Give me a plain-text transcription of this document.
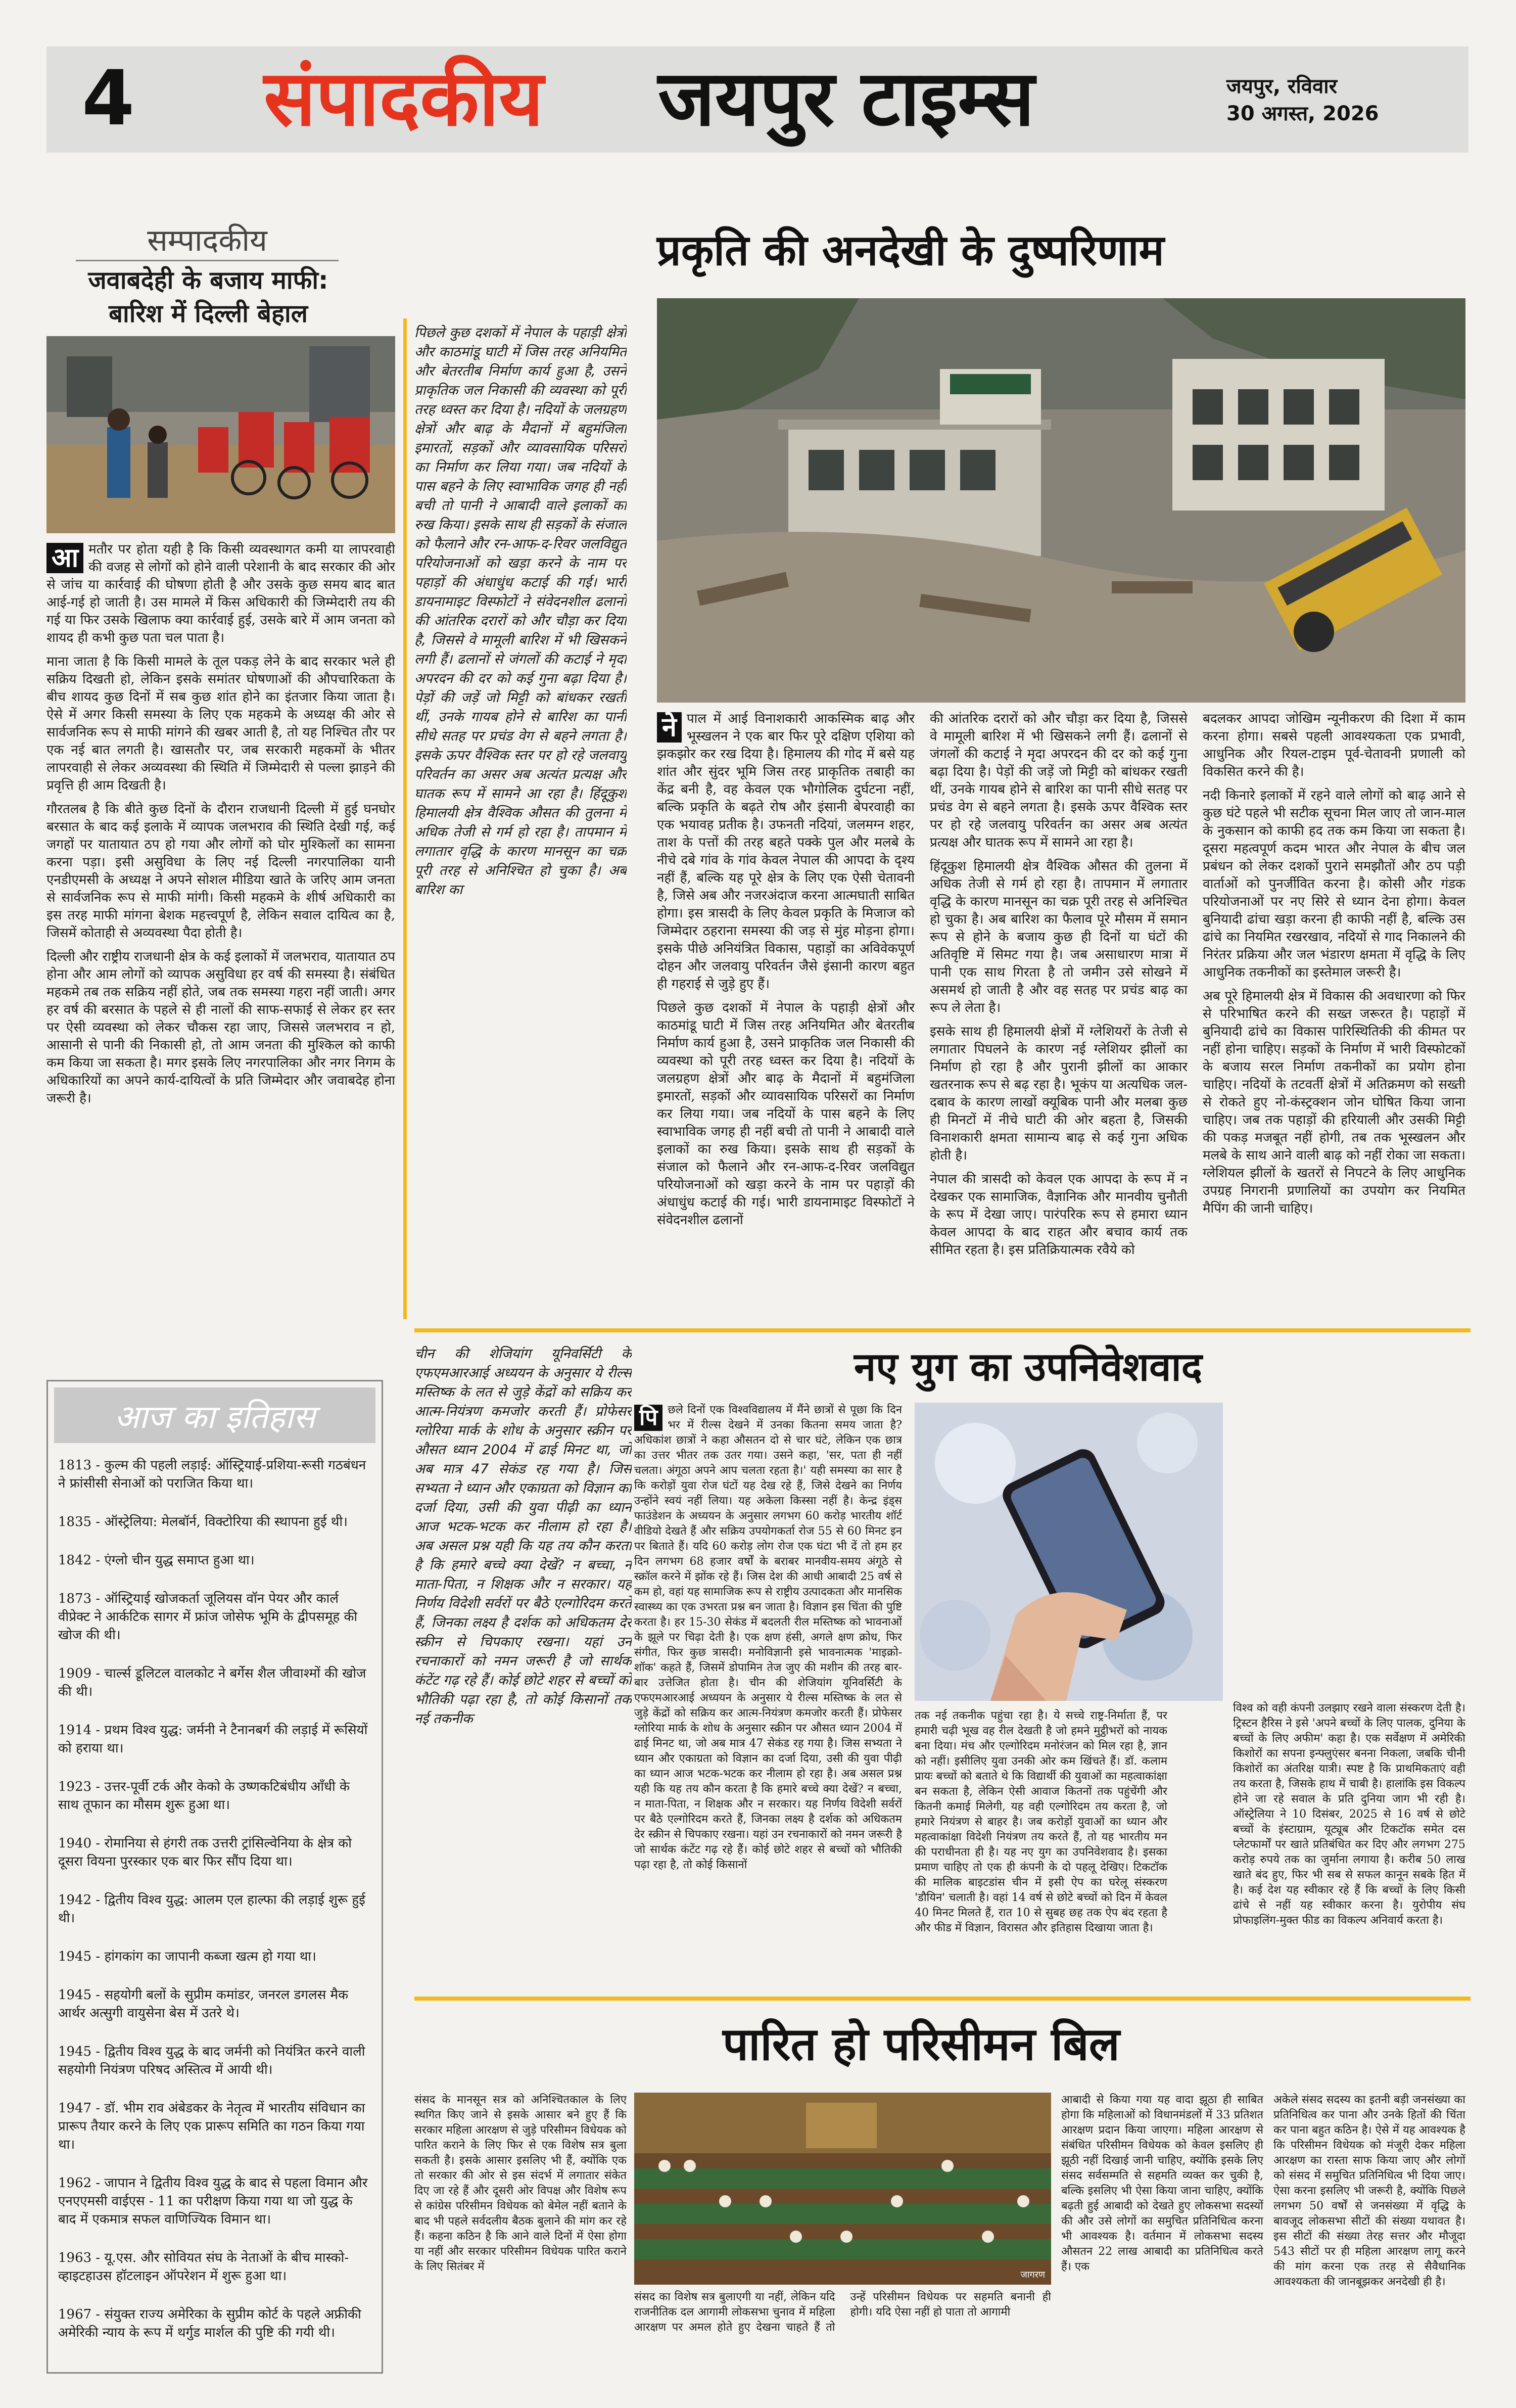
4 संपादकीय जयपुर टाइम्स	जयपुर, रविवार
30 अगस्त, 2026
सम्पादकीय
जवाबदेही के बजाय माफी:
बारिश में दिल्ली बेहाल

आ मतौर पर होता यही है कि किसी व्यवस्थागत कमी या लापरवाही की वजह से लोगों को होने वाली परेशानी के बाद सरकार की ओर से जांच या कार्रवाई की घोषणा होती है और उसके कुछ समय बाद बात आई-गई हो जाती है। उस मामले में किस अधिकारी की जिम्मेदारी तय की गई या फिर उसके खिलाफ क्या कार्रवाई हुई, उसके बारे में आम जनता को शायद ही कभी कुछ पता चल पाता है।

माना जाता है कि किसी मामले के तूल पकड़ लेने के बाद सरकार भले ही सक्रिय दिखती हो, लेकिन इसके समांतर घोषणाओं की औपचारिकता के बीच शायद कुछ दिनों में सब कुछ शांत होने का इंतजार किया जाता है। ऐसे में अगर किसी समस्या के लिए एक महकमे के अध्यक्ष की ओर से सार्वजनिक रूप से माफी मांगने की खबर आती है, तो यह निश्चित तौर पर एक नई बात लगती है। खासतौर पर, जब सरकारी महकमों के भीतर लापरवाही से लेकर अव्यवस्था की स्थिति में जिम्मेदारी से पल्ला झाड़ने की प्रवृत्ति ही आम दिखती है।

गौरतलब है कि बीते कुछ दिनों के दौरान राजधानी दिल्ली में हुई घनघोर बरसात के बाद कई इलाके में व्यापक जलभराव की स्थिति देखी गई, कई जगहों पर यातायात ठप हो गया और लोगों को घोर मुश्किलों का सामना करना पड़ा। इसी असुविधा के लिए नई दिल्ली नगरपालिका यानी एनडीएमसी के अध्यक्ष ने अपने सोशल मीडिया खाते के जरिए आम जनता से सार्वजनिक रूप से माफी मांगी। किसी महकमे के शीर्ष अधिकारी का इस तरह माफी मांगना बेशक महत्त्वपूर्ण है, लेकिन सवाल दायित्व का है, जिसमें कोताही से अव्यवस्था पैदा होती है।

दिल्ली और राष्ट्रीय राजधानी क्षेत्र के कई इलाकों में जलभराव, यातायात ठप होना और आम लोगों को व्यापक असुविधा हर वर्ष की समस्या है। संबंधित महकमे तब तक सक्रिय नहीं होते, जब तक समस्या गहरा नहीं जाती। अगर हर वर्ष की बरसात के पहले से ही नालों की साफ-सफाई से लेकर हर स्तर पर ऐसी व्यवस्था को लेकर चौकस रहा जाए, जिससे जलभराव न हो, आसानी से पानी की निकासी हो, तो आम जनता की मुश्किल को काफी कम किया जा सकता है। मगर इसके लिए नगरपालिका और नगर निगम के अधिकारियों का अपने कार्य-दायित्वों के प्रति जिम्मेदार और जवाबदेह होना जरूरी है।

पिछले कुछ दशकों में नेपाल के पहाड़ी क्षेत्रों और काठमांडू घाटी में जिस तरह अनियमित और बेतरतीब निर्माण कार्य हुआ है, उसने प्राकृतिक जल निकासी की व्यवस्था को पूरी तरह ध्वस्त कर दिया है। नदियों के जलग्रहण क्षेत्रों और बाढ़ के मैदानों में बहुमंजिला इमारतों, सड़कों और व्यावसायिक परिसरों का निर्माण कर लिया गया। जब नदियों के पास बहने के लिए स्वाभाविक जगह ही नहीं बची तो पानी ने आबादी वाले इलाकों का रुख किया। इसके साथ ही सड़कों के संजाल को फैलाने और रन-आफ-द-रिवर जलविद्युत परियोजनाओं को खड़ा करने के नाम पर पहाड़ों की अंधाधुंध कटाई की गई। भारी डायनामाइट विस्फोटों ने संवेदनशील ढलानों की आंतरिक दरारों को और चौड़ा कर दिया है, जिससे वे मामूली बारिश में भी खिसकने लगी हैं। ढलानों से जंगलों की कटाई ने मृदा अपरदन की दर को कई गुना बढ़ा दिया है। पेड़ों की जड़ें जो मिट्टी को बांधकर रखती थीं, उनके गायब होने से बारिश का पानी सीधे सतह पर प्रचंड वेग से बहने लगता है। इसके ऊपर वैश्विक स्तर पर हो रहे जलवायु परिवर्तन का असर अब अत्यंत प्रत्यक्ष और घातक रूप में सामने आ रहा है। हिंदूकुश हिमालयी क्षेत्र वैश्विक औसत की तुलना में अधिक तेजी से गर्म हो रहा है। तापमान में लगातार वृद्धि के कारण मानसून का चक्र पूरी तरह से अनिश्चित हो चुका है। अब बारिश का
प्रकृति की अनदेखी के दुष्परिणाम

ने पाल में आई विनाशकारी आकस्मिक बाढ़ और भूस्खलन ने एक बार फिर पूरे दक्षिण एशिया को झकझोर कर रख दिया है। हिमालय की गोद में बसे यह शांत और सुंदर भूमि जिस तरह प्राकृतिक तबाही का केंद्र बनी है, वह केवल एक भौगोलिक दुर्घटना नहीं, बल्कि प्रकृति के बढ़ते रोष और इंसानी बेपरवाही का एक भयावह प्रतीक है। उफनती नदियां, जलमग्न शहर, ताश के पत्तों की तरह बहते पक्के पुल और मलबे के नीचे दबे गांव के गांव केवल नेपाल की आपदा के दृश्य नहीं हैं, बल्कि यह पूरे क्षेत्र के लिए एक ऐसी चेतावनी है, जिसे अब और नजरअंदाज करना आत्मघाती साबित होगा। इस त्रासदी के लिए केवल प्रकृति के मिजाज को जिम्मेदार ठहराना समस्या की जड़ से मुंह मोड़ना होगा। इसके पीछे अनियंत्रित विकास, पहाड़ों का अविवेकपूर्ण दोहन और जलवायु परिवर्तन जैसे इंसानी कारण बहुत ही गहराई से जुड़े हुए हैं।

पिछले कुछ दशकों में नेपाल के पहाड़ी क्षेत्रों और काठमांडू घाटी में जिस तरह अनियमित और बेतरतीब निर्माण कार्य हुआ है, उसने प्राकृतिक जल निकासी की व्यवस्था को पूरी तरह ध्वस्त कर दिया है। नदियों के जलग्रहण क्षेत्रों और बाढ़ के मैदानों में बहुमंजिला इमारतों, सड़कों और व्यावसायिक परिसरों का निर्माण कर लिया गया। जब नदियों के पास बहने के लिए स्वाभाविक जगह ही नहीं बची तो पानी ने आबादी वाले इलाकों का रुख किया। इसके साथ ही सड़कों के संजाल को फैलाने और रन-आफ-द-रिवर जलविद्युत परियोजनाओं को खड़ा करने के नाम पर पहाड़ों की अंधाधुंध कटाई की गई। भारी डायनामाइट विस्फोटों ने संवेदनशील ढलानों

की आंतरिक दरारों को और चौड़ा कर दिया है, जिससे वे मामूली बारिश में भी खिसकने लगी हैं। ढलानों से जंगलों की कटाई ने मृदा अपरदन की दर को कई गुना बढ़ा दिया है। पेड़ों की जड़ें जो मिट्टी को बांधकर रखती थीं, उनके गायब होने से बारिश का पानी सीधे सतह पर प्रचंड वेग से बहने लगता है। इसके ऊपर वैश्विक स्तर पर हो रहे जलवायु परिवर्तन का असर अब अत्यंत प्रत्यक्ष और घातक रूप में सामने आ रहा है।

हिंदूकुश हिमालयी क्षेत्र वैश्विक औसत की तुलना में अधिक तेजी से गर्म हो रहा है। तापमान में लगातार वृद्धि के कारण मानसून का चक्र पूरी तरह से अनिश्चित हो चुका है। अब बारिश का फैलाव पूरे मौसम में समान रूप से होने के बजाय कुछ ही दिनों या घंटों की अतिवृष्टि में सिमट गया है। जब असाधारण मात्रा में पानी एक साथ गिरता है तो जमीन उसे सोखने में असमर्थ हो जाती है और वह सतह पर प्रचंड बाढ़ का रूप ले लेता है।

इसके साथ ही हिमालयी क्षेत्रों में ग्लेशियरों के तेजी से लगातार पिघलने के कारण नई ग्लेशियर झीलों का निर्माण हो रहा है और पुरानी झीलों का आकार खतरनाक रूप से बढ़ रहा है। भूकंप या अत्यधिक जल-दबाव के कारण लाखों क्यूबिक पानी और मलबा कुछ ही मिनटों में नीचे घाटी की ओर बहता है, जिसकी विनाशकारी क्षमता सामान्य बाढ़ से कई गुना अधिक होती है।

नेपाल की त्रासदी को केवल एक आपदा के रूप में न देखकर एक सामाजिक, वैज्ञानिक और मानवीय चुनौती के रूप में देखा जाए। पारंपरिक रूप से हमारा ध्यान केवल आपदा के बाद राहत और बचाव कार्य तक सीमित रहता है। इस प्रतिक्रियात्मक रवैये को

बदलकर आपदा जोखिम न्यूनीकरण की दिशा में काम करना होगा। सबसे पहली आवश्यकता एक प्रभावी, आधुनिक और रियल-टाइम पूर्व-चेतावनी प्रणाली को विकसित करने की है।

नदी किनारे इलाकों में रहने वाले लोगों को बाढ़ आने से कुछ घंटे पहले भी सटीक सूचना मिल जाए तो जान-माल के नुकसान को काफी हद तक कम किया जा सकता है। दूसरा महत्वपूर्ण कदम भारत और नेपाल के बीच जल प्रबंधन को लेकर दशकों पुराने समझौतों और ठप पड़ी वार्ताओं को पुनर्जीवित करना है। कोसी और गंडक परियोजनाओं पर नए सिरे से ध्यान देना होगा। केवल बुनियादी ढांचा खड़ा करना ही काफी नहीं है, बल्कि उस ढांचे का नियमित रखरखाव, नदियों से गाद निकालने की निरंतर प्रक्रिया और जल भंडारण क्षमता में वृद्धि के लिए आधुनिक तकनीकों का इस्तेमाल जरूरी है।

अब पूरे हिमालयी क्षेत्र में विकास की अवधारणा को फिर से परिभाषित करने की सख्त जरूरत है। पहाड़ों में बुनियादी ढांचे का विकास पारिस्थितिकी की कीमत पर नहीं होना चाहिए। सड़कों के निर्माण में भारी विस्फोटकों के बजाय सरल निर्माण तकनीकों का प्रयोग होना चाहिए। नदियों के तटवर्ती क्षेत्रों में अतिक्रमण को सख्ती से रोकते हुए नो-कंस्ट्रक्शन जोन घोषित किया जाना चाहिए। जब तक पहाड़ों की हरियाली और उसकी मिट्टी की पकड़ मजबूत नहीं होगी, तब तक भूस्खलन और मलबे के साथ आने वाली बाढ़ को नहीं रोका जा सकता। ग्लेशियल झीलों के खतरों से निपटने के लिए आधुनिक उपग्रह निगरानी प्रणालियों का उपयोग कर नियमित मैपिंग की जानी चाहिए।

आज का इतिहास
1813 - कुल्म की पहली लड़ाई: ऑस्ट्रियाई-प्रशिया-रूसी गठबंधन ने फ्रांसीसी सेनाओं को पराजित किया था।
1835 - ऑस्ट्रेलिया: मेलबॉर्न, विक्टोरिया की स्थापना हुई थी।
1842 - एंग्लो चीन युद्ध समाप्त हुआ था।
1873 - ऑस्ट्रियाई खोजकर्ता जूलियस वॉन पेयर और कार्ल वीप्रेक्ट ने आर्कटिक सागर में फ्रांज जोसेफ भूमि के द्वीपसमूह की खोज की थी।
1909 - चार्ल्स डूलिटल वालकोट ने बर्गेस शैल जीवाश्मों की खोज की थी।
1914 - प्रथम विश्व युद्ध: जर्मनी ने टैनानबर्ग की लड़ाई में रूसियों को हराया था।
1923 - उत्तर-पूर्वी टर्क और केको के उष्णकटिबंधीय आँधी के साथ तूफान का मौसम शुरू हुआ था।
1940 - रोमानिया से हंगरी तक उत्तरी ट्रांसिल्वेनिया के क्षेत्र को दूसरा वियना पुरस्कार एक बार फिर सौंप दिया था।
1942 - द्वितीय विश्व युद्ध: आलम एल हाल्फा की लड़ाई शुरू हुई थी।
1945 - हांगकांग का जापानी कब्जा खत्म हो गया था।
1945 - सहयोगी बलों के सुप्रीम कमांडर, जनरल डगलस मैक आर्थर अत्सुगी वायुसेना बेस में उतरे थे।
1945 - द्वितीय विश्व युद्ध के बाद जर्मनी को नियंत्रित करने वाली सहयोगी नियंत्रण परिषद अस्तित्व में आयी थी।
1947 - डॉ. भीम राव अंबेडकर के नेतृत्व में भारतीय संविधान का प्रारूप तैयार करने के लिए एक प्रारूप समिति का गठन किया गया था।
1962 - जापान ने द्वितीय विश्व युद्ध के बाद से पहला विमान और एनएएमसी वाईएस - 11 का परीक्षण किया गया था जो युद्ध के बाद में एकमात्र सफल वाणिज्यिक विमान था।
1963 - यू.एस. और सोवियत संघ के नेताओं के बीच मास्को-व्हाइटहाउस हॉटलाइन ऑपरेशन में शुरू हुआ था।
1967 - संयुक्त राज्य अमेरिका के सुप्रीम कोर्ट के पहले अफ्रीकी अमेरिकी न्याय के रूप में थर्गुड मार्शल की पुष्टि की गयी थी।
चीन की शेजियांग यूनिवर्सिटी के एफएमआरआई अध्ययन के अनुसार ये रील्स मस्तिष्क के लत से जुड़े केंद्रों को सक्रिय कर आत्म-नियंत्रण कमजोर करती हैं। प्रोफेसर ग्लोरिया मार्क के शोध के अनुसार स्क्रीन पर औसत ध्यान 2004 में ढाई मिनट था, जो अब मात्र 47 सेकंड रह गया है। जिस सभ्यता ने ध्यान और एकाग्रता को विज्ञान का दर्जा दिया, उसी की युवा पीढ़ी का ध्यान आज भटक-भटक कर नीलाम हो रहा है। अब असल प्रश्न यही कि यह तय कौन करता है कि हमारे बच्चे क्या देखें? न बच्चा, न माता-पिता, न शिक्षक और न सरकार। यह निर्णय विदेशी सर्वरों पर बैठे एल्गोरिदम करते हैं, जिनका लक्ष्य है दर्शक को अधिकतम देर स्क्रीन से चिपकाए रखना। यहां उन रचनाकारों को नमन जरूरी है जो सार्थक कंटेंट गढ़ रहे हैं। कोई छोटे शहर से बच्चों को भौतिकी पढ़ा रहा है, तो कोई किसानों तक नई तकनीक
नए युग का उपनिवेशवाद

पि छले दिनों एक विश्वविद्यालय में मैंने छात्रों से पूछा कि दिन भर में रील्स देखने में उनका कितना समय जाता है? अधिकांश छात्रों ने कहा औसतन दो से चार घंटे, लेकिन एक छात्र का उत्तर भीतर तक उतर गया। उसने कहा, 'सर, पता ही नहीं चलता। अंगूठा अपने आप चलता रहता है।' यही समस्या का सार है कि करोड़ों युवा रोज घंटों यह देख रहे हैं, जिसे देखने का निर्णय उन्होंने स्वयं नहीं लिया। यह अकेला किस्सा नहीं है। केन्द्र इंड्स फाउंडेशन के अध्ययन के अनुसार लगभग 60 करोड़ भारतीय शॉर्ट वीडियो देखते हैं और सक्रिय उपयोगकर्ता रोज 55 से 60 मिनट इन पर बिताते हैं। यदि 60 करोड़ लोग रोज एक घंटा भी दें तो हम हर दिन लगभग 68 हजार वर्षों के बराबर मानवीय-समय अंगूठे से स्क्रॉल करने में झोंक रहे हैं। जिस देश की आधी आबादी 25 वर्ष से कम हो, वहां यह सामाजिक रूप से राष्ट्रीय उत्पादकता और मानसिक स्वास्थ्य का एक उभरता प्रश्न बन जाता है। विज्ञान इस चिंता की पुष्टि करता है। हर 15-30 सेकंड में बदलती रील मस्तिष्क को भावनाओं के झूले पर चिढ़ा देती है। एक क्षण हंसी, अगले क्षण क्रोध, फिर संगीत, फिर कुछ त्रासदी। मनोविज्ञानी इसे भावनात्मक 'माइक्रो-शॉक' कहते हैं, जिसमें डोपामिन तेज जुए की मशीन की तरह बार-बार उत्तेजित होता है। चीन की शेजियांग यूनिवर्सिटी के एफएमआरआई अध्ययन के अनुसार ये रील्स मस्तिष्क के लत से जुड़े केंद्रों को सक्रिय कर आत्म-नियंत्रण कमजोर करती हैं। प्रोफेसर ग्लोरिया मार्क के शोध के अनुसार स्क्रीन पर औसत ध्यान 2004 में ढाई मिनट था, जो अब मात्र 47 सेकंड रह गया है। जिस सभ्यता ने ध्यान और एकाग्रता को विज्ञान का दर्जा दिया, उसी की युवा पीढ़ी का ध्यान आज भटक-भटक कर नीलाम हो रहा है। अब असल प्रश्न यही कि यह तय कौन करता है कि हमारे बच्चे क्या देखें? न बच्चा, न माता-पिता, न शिक्षक और न सरकार। यह निर्णय विदेशी सर्वरों पर बैठे एल्गोरिदम करते हैं, जिनका लक्ष्य है दर्शक को अधिकतम देर स्क्रीन से चिपकाए रखना। यहां उन रचनाकारों को नमन जरूरी है जो सार्थक कंटेंट गढ़ रहे हैं। कोई छोटे शहर से बच्चों को भौतिकी पढ़ा रहा है, तो कोई किसानों

तक नई तकनीक पहुंचा रहा है। ये सच्चे राष्ट्र-निर्माता हैं, पर हमारी चढ़ी भूख वह रील देखती है जो हमने मुट्ठीभरों को नायक बना दिया। मंच और एल्गोरिदम मनोरंजन को मिल रहा है, ज्ञान को नहीं। इसीलिए युवा उनकी ओर कम खिंचते हैं। डॉ. कलाम प्रायः बच्चों को बताते थे कि विद्यार्थी की युवाओं का महत्वाकांक्षा बन सकता है, लेकिन ऐसी आवाज कितनों तक पहुंचेंगी और कितनी कमाई मिलेगी, यह वही एल्गोरिदम तय करता है, जो हमारे नियंत्रण से बाहर है। जब करोड़ों युवाओं का ध्यान और महत्वाकांक्षा विदेशी नियंत्रण तय करते हैं, तो यह भारतीय मन की पराधीनता ही है। यह नए युग का उपनिवेशवाद है। इसका प्रमाण चाहिए तो एक ही कंपनी के दो पहलू देखिए। टिकटॉक की मालिक बाइटडांस चीन में इसी ऐप का घरेलू संस्करण 'डौयिन' चलाती है। वहां 14 वर्ष से छोटे बच्चों को दिन में केवल 40 मिनट मिलते हैं, रात 10 से सुबह छह तक ऐप बंद रहता है और फीड में विज्ञान, विरासत और इतिहास दिखाया जाता है।

विश्व को वही कंपनी उलझाए रखने वाला संस्करण देती है। ट्रिस्टन हैरिस ने इसे 'अपने बच्चों के लिए पालक, दुनिया के बच्चों के लिए अफीम' कहा है। एक सर्वेक्षण में अमेरिकी किशोरों का सपना इन्फ्लुएंसर बनना निकला, जबकि चीनी किशोरों का अंतरिक्ष यात्री। स्पष्ट है कि प्राथमिकताएं वही तय करता है, जिसके हाथ में चाबी है। हालांकि इस विकल्प होने जा रहे सवाल के प्रति दुनिया जाग भी रही है। ऑस्ट्रेलिया ने 10 दिसंबर, 2025 से 16 वर्ष से छोटे बच्चों के इंस्टाग्राम, यूट्यूब और टिकटॉक समेत दस प्लेटफार्मों पर खाते प्रतिबंधित कर दिए और लगभग 275 करोड़ रुपये तक का जुर्माना लगाया है। करीब 50 लाख खाते बंद हुए, फिर भी सब से सफल कानून सबके हित में है। कई देश यह स्वीकार रहे हैं कि बच्चों के लिए किसी ढांचे से नहीं यह स्वीकार करना है। युरोपीय संघ प्रोफाइलिंग-मुक्त फीड का विकल्प अनिवार्य करता है।

पारित हो परिसीमन बिल
संसद के मानसून सत्र को अनिश्चितकाल के लिए स्थगित किए जाने से इसके आसार बने हुए हैं कि सरकार महिला आरक्षण से जुड़े परिसीमन विधेयक को पारित कराने के लिए फिर से एक विशेष सत्र बुला सकती है। इसके आसार इसलिए भी हैं, क्योंकि एक तो सरकार की ओर से इस संदर्भ में लगातार संकेत दिए जा रहे हैं और दूसरी ओर विपक्ष और विशेष रूप से कांग्रेस परिसीमन विधेयक को बेमेल नहीं बताने के बाद भी पहले सर्वदलीय बैठक बुलाने की मांग कर रहे हैं। कहना कठिन है कि आने वाले दिनों में ऐसा होगा या नहीं और सरकार परिसीमन विधेयक पारित कराने के लिए सितंबर में
जागरण
संसद का विशेष सत्र बुलाएगी या नहीं, लेकिन यदि राजनीतिक दल आगामी लोकसभा चुनाव में महिला आरक्षण पर अमल होते हुए देखना चाहते हैं तो उन्हें परिसीमन विधेयक पर सहमति बनानी ही होगी। यदि ऐसा नहीं हो पाता तो आगामी
आबादी से किया गया यह वादा झूठा ही साबित होगा कि महिलाओं को विधानमंडलों में 33 प्रतिशत आरक्षण प्रदान किया जाएगा। महिला आरक्षण से संबंधित परिसीमन विधेयक को केवल इसलिए ही झूठी नहीं दिखाई जानी चाहिए, क्योंकि इसके लिए संसद सर्वसम्मति से सहमति व्यक्त कर चुकी है, बल्कि इसलिए भी ऐसा किया जाना चाहिए, क्योंकि बढ़ती हुई आबादी को देखते हुए लोकसभा सदस्यों की और उसे लोगों का समुचित प्रतिनिधित्व करना भी आवश्यक है। वर्तमान में लोकसभा सदस्य औसतन 22 लाख आबादी का प्रतिनिधित्व करते हैं। एक
अकेले संसद सदस्य का इतनी बड़ी जनसंख्या का प्रतिनिधित्व कर पाना और उनके हितों की चिंता कर पाना बहुत कठिन है। ऐसे में यह आवश्यक है कि परिसीमन विधेयक को मंजूरी देकर महिला आरक्षण का रास्ता साफ किया जाए और लोगों को संसद में समुचित प्रतिनिधित्व भी दिया जाए। ऐसा करना इसलिए भी जरूरी है, क्योंकि पिछले लगभग 50 वर्षों से जनसंख्या में वृद्धि के बावजूद लोकसभा सीटों की संख्या यथावत है। इस सीटों की संख्या तेरह सत्तर और मौजूदा 543 सीटों पर ही महिला आरक्षण लागू करने की मांग करना एक तरह से सैवैधानिक आवश्यकता की जानबूझकर अनदेखी ही है।
